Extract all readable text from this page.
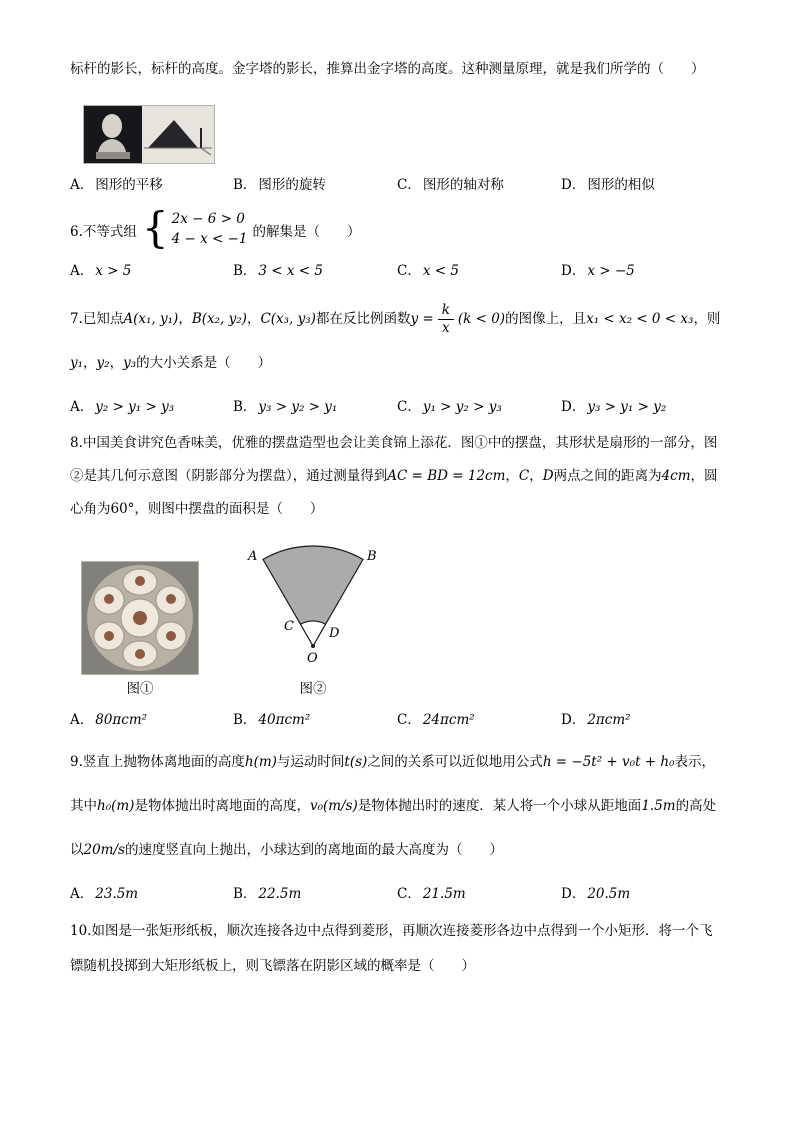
标杆的影长，标杆的高度。金字塔的影长，推算出金字塔的高度。这种测量原理，就是我们所学的（　　）

A． 图形的平移	B． 图形的旋转	C． 图形的轴对称	D． 图形的相似
6.不等式组 { 2x − 6 > 0
4 − x < −1 的解集是（　　）
A． x > 5	B． 3 < x < 5	C． x < 5	D． x > −5

7.已知点A(x₁, y₁)，B(x₂, y₂)，C(x₃, y₃)都在反比例函数$y = \frac{k}{x} (k < 0)$的图像上，且x₁ < x₂ < 0 < x₃，则y₁，y₂，y₃的大小关系是（　　）

A． y₂ > y₁ > y₃	B． y₃ > y₂ > y₁	C． y₁ > y₂ > y₃	D． y₃ > y₁ > y₂

8.中国美食讲究色香味美，优雅的摆盘造型也会让美食锦上添花．图①中的摆盘，其形状是扇形的一部分，图②是其几何示意图（阴影部分为摆盘），通过测量得到AC = BD = 12cm，C，D两点之间的距离为4cm，圆心角为60°，则图中摆盘的面积是（　　）

图①
A	B
C	D
O
图②
A． 80πcm²	B． 40πcm²	C． 24πcm²	D． 2πcm²

9.竖直上抛物体离地面的高度h(m)与运动时间t(s)之间的关系可以近似地用公式h = −5t² + v₀t + h₀表示，其中h₀(m)是物体抛出时离地面的高度，v₀(m/s)是物体抛出时的速度．某人将一个小球从距地面1.5m的高处以20m/s的速度竖直向上抛出，小球达到的离地面的最大高度为（　　）

A． 23.5m	B． 22.5m	C． 21.5m	D． 20.5m

10.如图是一张矩形纸板，顺次连接各边中点得到菱形，再顺次连接菱形各边中点得到一个小矩形．将一个飞镖随机投掷到大矩形纸板上，则飞镖落在阴影区域的概率是（　　）
